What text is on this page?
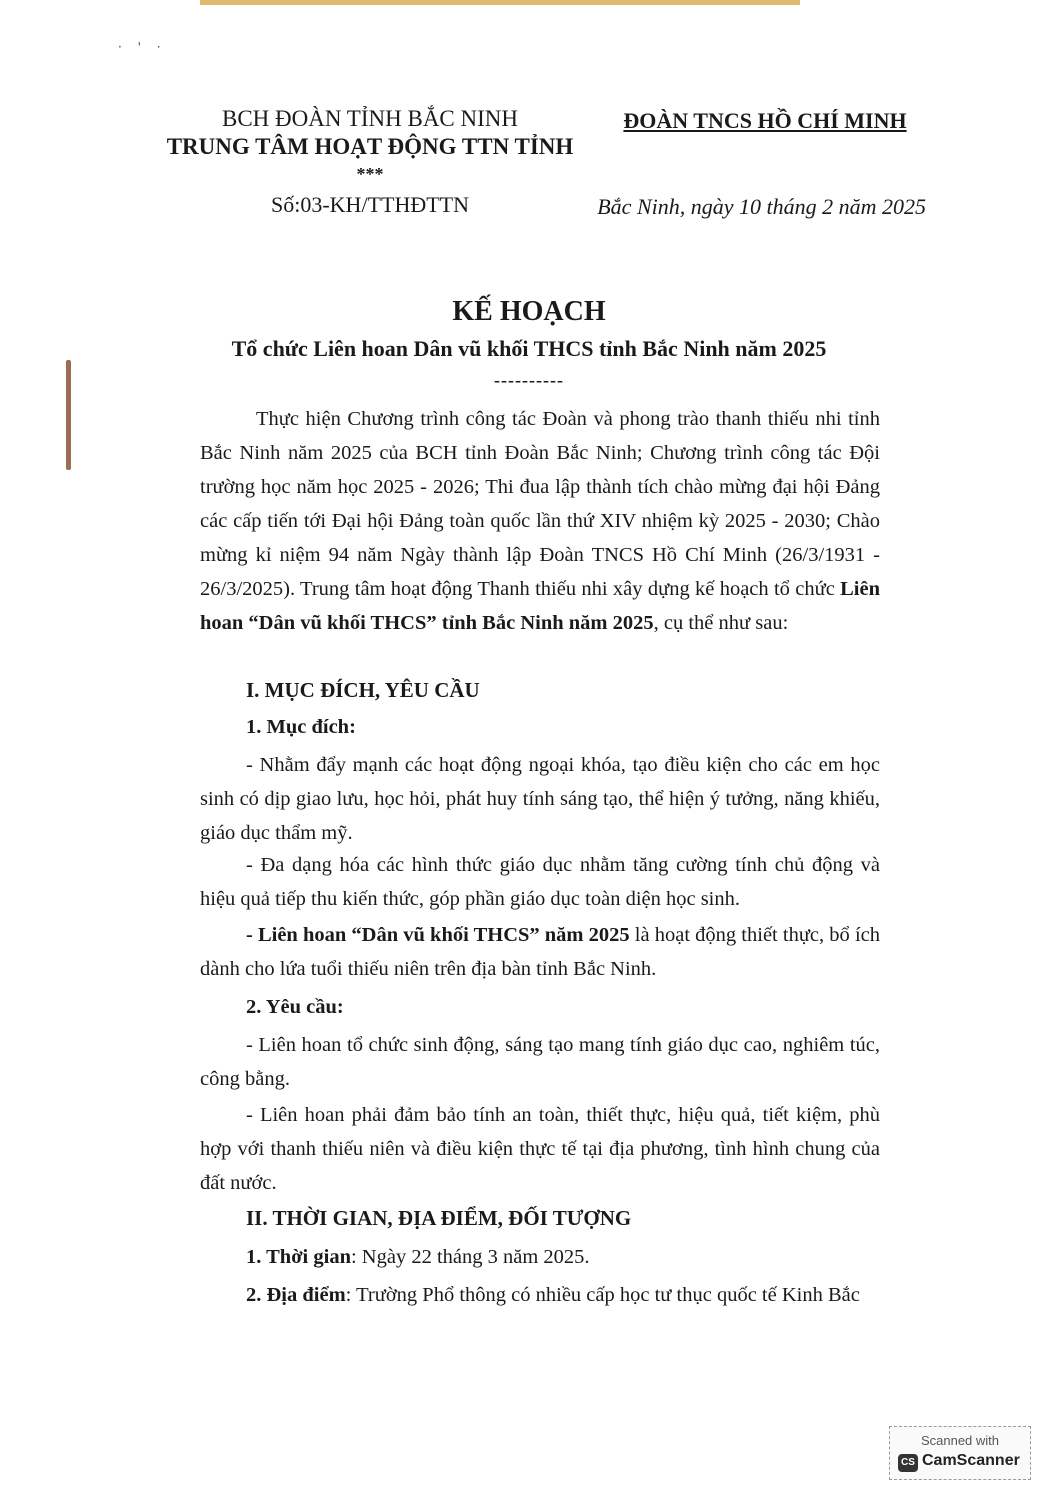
· ' ·
BCH ĐOÀN TỈNH BẮC NINH
TRUNG TÂM HOẠT ĐỘNG TTN TỈNH
***
Số:03-KH/TTHĐTTN
ĐOÀN TNCS HỒ CHÍ MINH
Bắc Ninh, ngày 10 tháng 2 năm 2025
KẾ HOẠCH
Tổ chức Liên hoan Dân vũ khối THCS tỉnh Bắc Ninh năm 2025
----------
Thực hiện Chương trình công tác Đoàn và phong trào thanh thiếu nhi tỉnh Bắc Ninh năm 2025 của BCH tỉnh Đoàn Bắc Ninh; Chương trình công tác Đội trường học năm học 2025 - 2026; Thi đua lập thành tích chào mừng đại hội Đảng các cấp tiến tới Đại hội Đảng toàn quốc lần thứ XIV nhiệm kỳ 2025 - 2030; Chào mừng kỉ niệm 94 năm Ngày thành lập Đoàn TNCS Hồ Chí Minh (26/3/1931 - 26/3/2025). Trung tâm hoạt động Thanh thiếu nhi xây dựng kế hoạch tổ chức Liên hoan “Dân vũ khối THCS” tỉnh Bắc Ninh năm 2025, cụ thể như sau:
I. MỤC ĐÍCH, YÊU CẦU
1. Mục đích:
- Nhằm đẩy mạnh các hoạt động ngoại khóa, tạo điều kiện cho các em học sinh có dịp giao lưu, học hỏi, phát huy tính sáng tạo, thể hiện ý tưởng, năng khiếu, giáo dục thẩm mỹ.
- Đa dạng hóa các hình thức giáo dục nhằm tăng cường tính chủ động và hiệu quả tiếp thu kiến thức, góp phần giáo dục toàn diện học sinh.
- Liên hoan “Dân vũ khối THCS” năm 2025 là hoạt động thiết thực, bổ ích dành cho lứa tuổi thiếu niên trên địa bàn tỉnh Bắc Ninh.
2. Yêu cầu:
- Liên hoan tổ chức sinh động, sáng tạo mang tính giáo dục cao, nghiêm túc, công bằng.
- Liên hoan phải đảm bảo tính an toàn, thiết thực, hiệu quả, tiết kiệm, phù hợp với thanh thiếu niên và điều kiện thực tế tại địa phương, tình hình chung của đất nước.
II. THỜI GIAN, ĐỊA ĐIỂM, ĐỐI TƯỢNG
1. Thời gian: Ngày 22 tháng 3 năm 2025.
2. Địa điểm: Trường Phổ thông có nhiều cấp học tư thục quốc tế Kinh Bắc
Scanned with
CS CamScanner
